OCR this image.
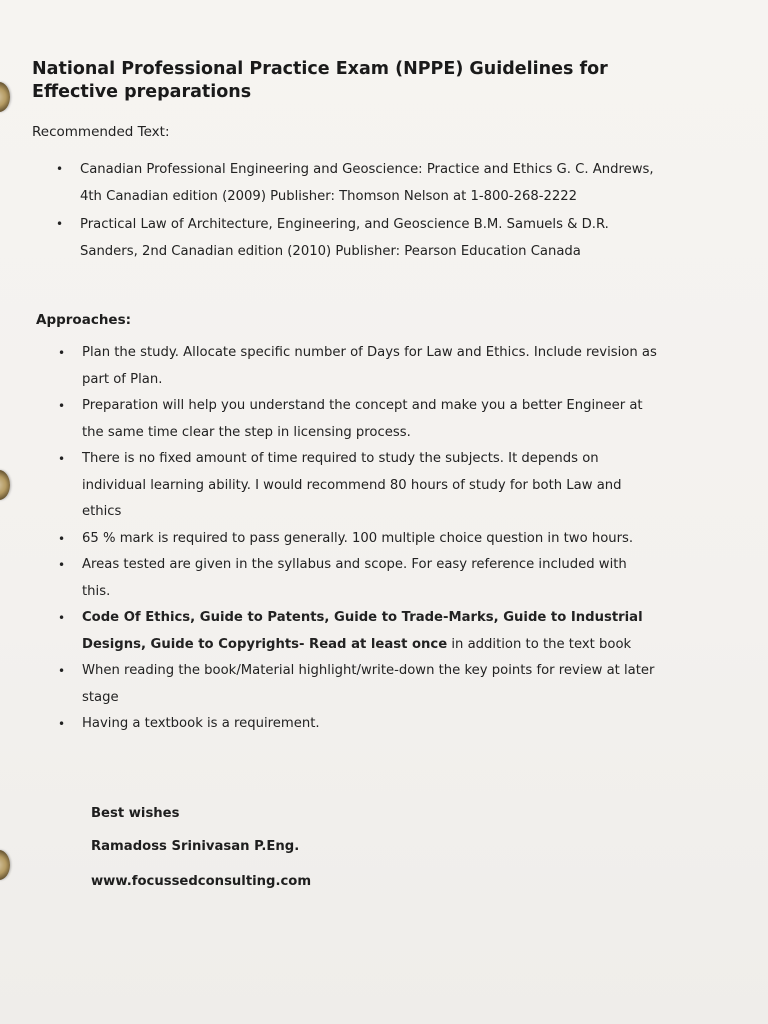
National Professional Practice Exam (NPPE) Guidelines for Effective preparations
Recommended Text:
• Canadian Professional Engineering and Geoscience: Practice and Ethics G. C. Andrews, 4th Canadian edition (2009) Publisher: Thomson Nelson at 1-800-268-2222
• Practical Law of Architecture, Engineering, and Geoscience B.M. Samuels & D.R. Sanders, 2nd Canadian edition (2010) Publisher: Pearson Education Canada
Approaches:
• Plan the study. Allocate specific number of Days for Law and Ethics. Include revision as part of Plan.
• Preparation will help you understand the concept and make you a better Engineer at the same time clear the step in licensing process.
• There is no fixed amount of time required to study the subjects. It depends on individual learning ability. I would recommend 80 hours of study for both Law and ethics
• 65 % mark is required to pass generally. 100 multiple choice question in two hours.
• Areas tested are given in the syllabus and scope. For easy reference included with this.
• Code Of Ethics, Guide to Patents, Guide to Trade-Marks, Guide to Industrial Designs, Guide to Copyrights- Read at least once in addition to the text book
• When reading the book/Material highlight/write-down the key points for review at later stage
• Having a textbook is a requirement.
Best wishes
Ramadoss Srinivasan P.Eng.
www.focussedconsulting.com
